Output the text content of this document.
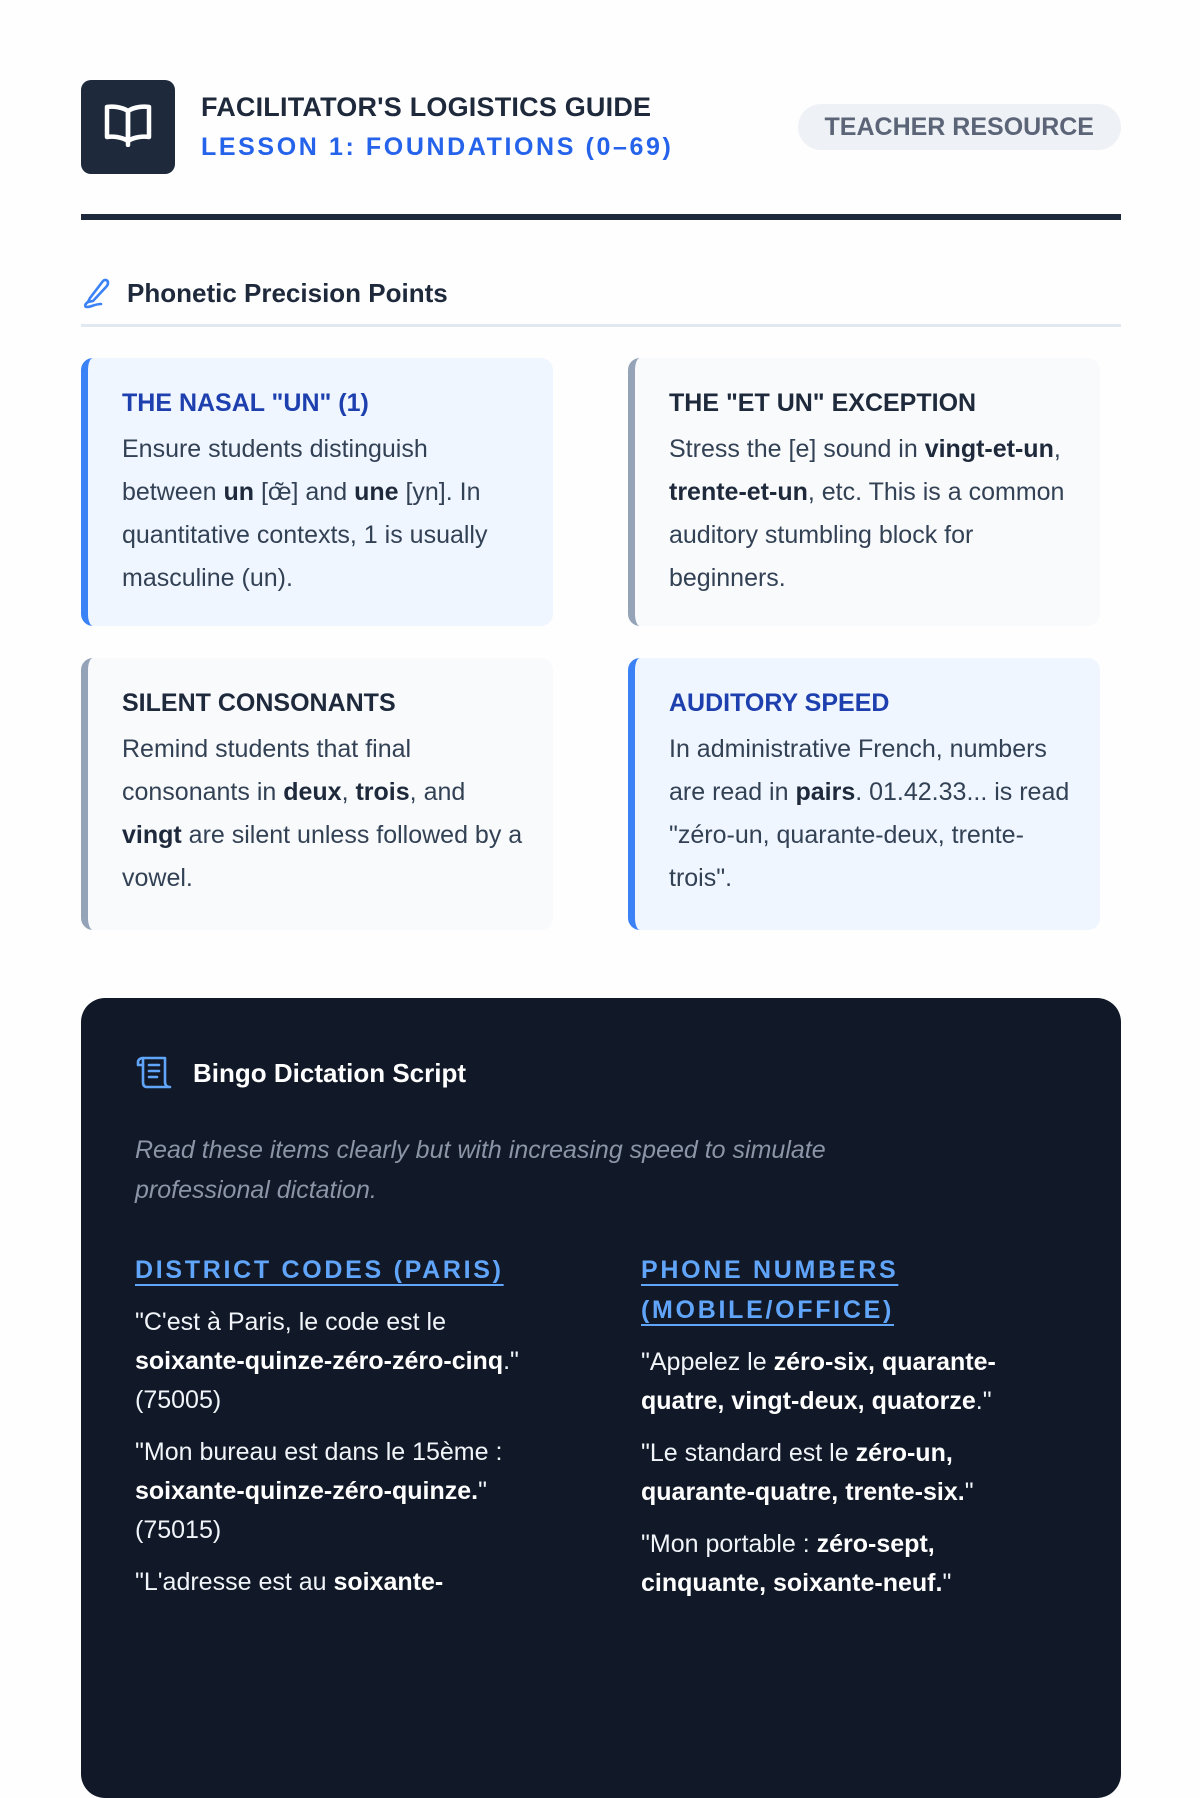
FACILITATOR'S LOGISTICS GUIDE
LESSON 1: FOUNDATIONS (0–69)
TEACHER RESOURCE
Phonetic Precision Points
THE NASAL "UN" (1)
Ensure students distinguish between un [œ̃] and une [yn]. In quantitative contexts, 1 is usually masculine (un).
THE "ET UN" EXCEPTION
Stress the [e] sound in vingt-et-un, trente-et-un, etc. This is a common auditory stumbling block for beginners.
SILENT CONSONANTS
Remind students that final consonants in deux, trois, and vingt are silent unless followed by a vowel.
AUDITORY SPEED
In administrative French, numbers are read in pairs. 01.42.33... is read "zéro-un, quarante-deux, trente-trois".
Bingo Dictation Script
Read these items clearly but with increasing speed to simulate professional dictation.
DISTRICT CODES (PARIS)
"C'est à Paris, le code est le soixante-quinze-zéro-zéro-cinq." (75005)
"Mon bureau est dans le 15ème : soixante-quinze-zéro-quinze." (75015)
"L'adresse est au soixante-
PHONE NUMBERS (MOBILE/OFFICE)
"Appelez le zéro-six, quarante-quatre, vingt-deux, quatorze."
"Le standard est le zéro-un, quarante-quatre, trente-six."
"Mon portable : zéro-sept, cinquante, soixante-neuf."
